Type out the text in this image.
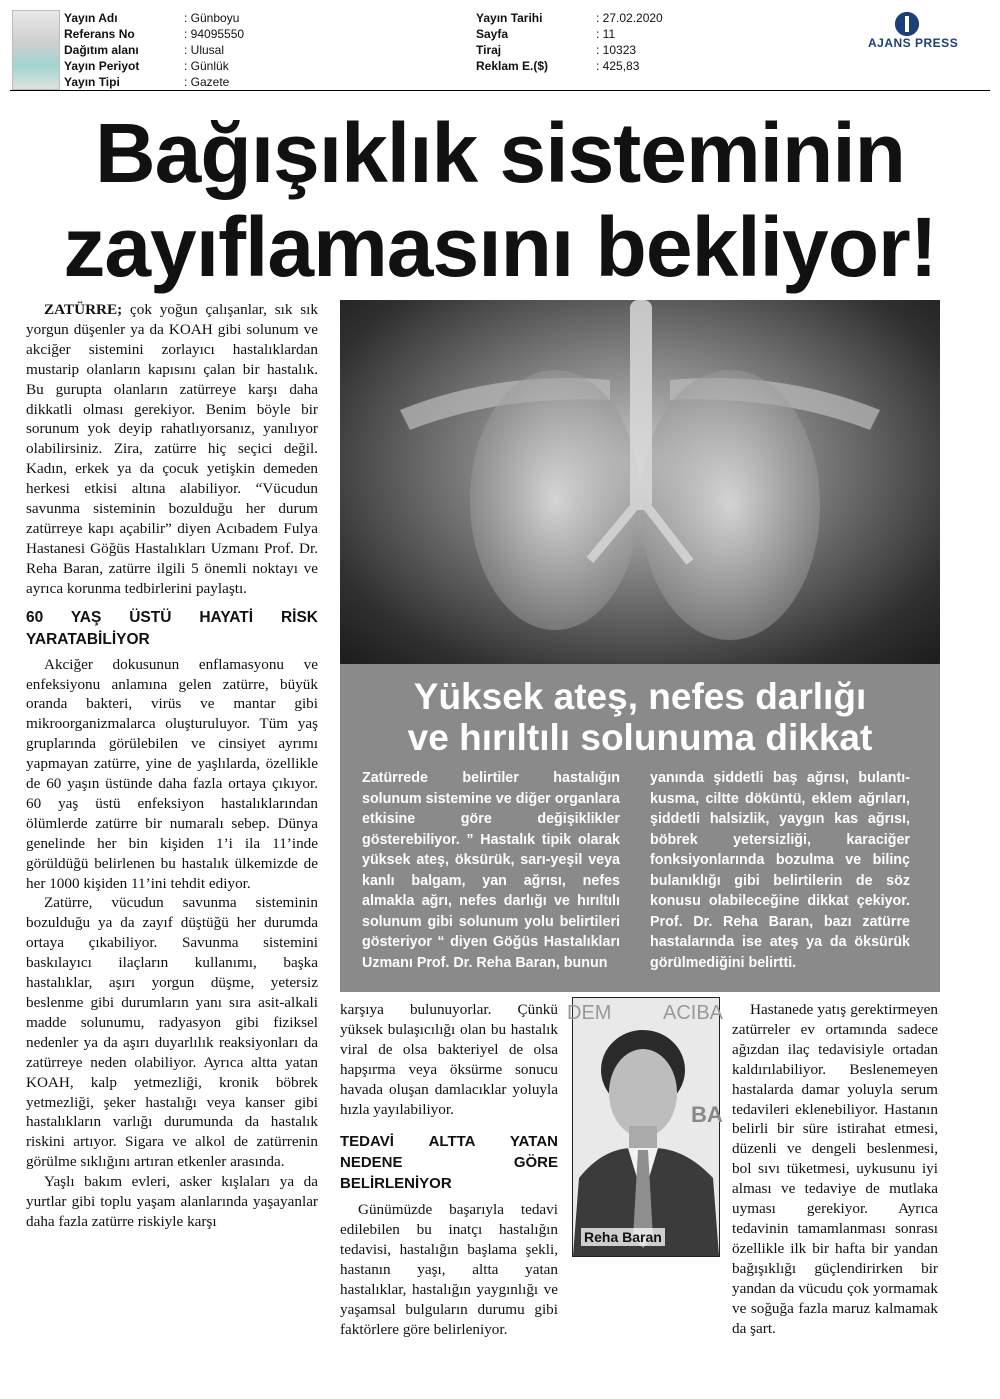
Yayın Adı	: Günboyu
Referans No	: 94095550
Dağıtım alanı	: Ulusal
Yayın Periyot	: Günlük
Yayın Tipi	: Gazete
Yayın Tarihi	: 27.02.2020
Sayfa	: 11
Tiraj	: 10323
Reklam E.($)	: 425,83
AJANS PRESS
Bağışıklık sisteminin
zayıflamasını bekliyor!

ZATÜRRE; çok yoğun çalışanlar, sık sık yorgun düşenler ya da KOAH gibi solunum ve akciğer sistemini zorlayıcı hastalıklardan mustarip olanların kapısını çalan bir hastalık. Bu gurupta olanların zatürreye karşı daha dikkatli olması gerekiyor. Benim böyle bir sorunum yok deyip rahatlıyorsanız, yanılıyor olabilirsiniz. Zira, zatürre hiç seçici değil. Kadın, erkek ya da çocuk yetişkin demeden herkesi etkisi altına alabiliyor. “Vücudun savunma sisteminin bozulduğu her durum zatürreye kapı açabilir” diyen Acıbadem Fulya Hastanesi Göğüs Hastalıkları Uzmanı Prof. Dr. Reha Baran, zatürre ilgili 5 önemli noktayı ve ayrıca korunma tedbirlerini paylaştı.

60 YAŞ ÜSTÜ HAYATİ RİSK YARATABİLİYOR

Akciğer dokusunun enflamasyonu ve enfeksiyonu anlamına gelen zatürre, büyük oranda bakteri, virüs ve mantar gibi mikroorganizmalarca oluşturuluyor. Tüm yaş gruplarında görülebilen ve cinsiyet ayrımı yapmayan zatürre, yine de yaşlılarda, özellikle de 60 yaşın üstünde daha fazla ortaya çıkıyor. 60 yaş üstü enfeksiyon hastalıklarından ölümlerde zatürre bir numaralı sebep. Dünya genelinde her bin kişiden 1’i ila 11’inde görüldüğü belirlenen bu hastalık ülkemizde de her 1000 kişiden 11’ini tehdit ediyor.

Zatürre, vücudun savunma sisteminin bozulduğu ya da zayıf düştüğü her durumda ortaya çıkabiliyor. Savunma sistemini baskılayıcı ilaçların kullanımı, başka hastalıklar, aşırı yorgun düşme, yetersiz beslenme gibi durumların yanı sıra asit-alkali madde solunumu, radyasyon gibi fiziksel nedenler ya da aşırı duyarlılık reaksiyonları da zatürreye neden olabiliyor. Ayrıca altta yatan KOAH, kalp yetmezliği, kronik böbrek yetmezliği, şeker hastalığı veya kanser gibi hastalıkların varlığı durumunda da hastalık riskini artıyor. Sigara ve alkol de zatürrenin görülme sıklığını artıran etkenler arasında.

Yaşlı bakım evleri, asker kışlaları ya da yurtlar gibi toplu yaşam alanlarında yaşayanlar daha fazla zatürre riskiyle karşı

Yüksek ateş, nefes darlığı
ve hırıltılı solunuma dikkat
Zatürrede belirtiler hastalığın solunum sistemine ve diğer organlara etkisine göre değişiklikler gösterebiliyor. ” Hastalık tipik olarak yüksek ateş, öksürük, sarı-yeşil veya kanlı balgam, yan ağrısı, nefes almakla ağrı, nefes darlığı ve hırıltılı solunum gibi solunum yolu belirtileri gösteriyor “ diyen Göğüs Hastalıkları Uzmanı Prof. Dr. Reha Baran, bunun
yanında şiddetli baş ağrısı, bulantı-kusma, ciltte döküntü, eklem ağrıları, şiddetli halsizlik, yaygın kas ağrısı, böbrek yetersizliği, karaciğer fonksiyonlarında bozulma ve bilinç bulanıklığı gibi belirtilerin de söz konusu olabileceğine dikkat çekiyor. Prof. Dr. Reha Baran, bazı zatürre hastalarında ise ateş ya da öksürük görülmediğini belirtti.

karşıya bulunuyorlar. Çünkü yüksek bulaşıcılığı olan bu hastalık viral de olsa bakteriyel de olsa hapşırma veya öksürme sonucu havada oluşan damlacıklar yoluyla hızla yayılabiliyor.

TEDAVİ ALTTA YATAN NEDENE GÖRE BELİRLENİYOR

Günümüzde başarıyla tedavi edilebilen bu inatçı hastalığın tedavisi, hastalığın başlama şekli, hastanın yaşı, altta yatan hastalıklar, hastalığın yaygınlığı ve yaşamsal bulguların durumu gibi faktörlere göre belirleniyor.

DEM	ACIBA
BA
Reha Baran

Hastanede yatış gerektirmeyen zatürreler ev ortamında sadece ağızdan ilaç tedavisiyle ortadan kaldırılabiliyor. Beslenemeyen hastalarda damar yoluyla serum tedavileri eklenebiliyor. Hastanın belirli bir süre istirahat etmesi, düzenli ve dengeli beslenmesi, bol sıvı tüketmesi, uykusunu iyi alması ve tedaviye de mutlaka uyması gerekiyor. Ayrıca tedavinin tamamlanması sonrası özellikle ilk bir hafta bir yandan bağışıklığı güçlendirirken bir yandan da vücudu çok yormamak ve soğuğa fazla maruz kalmamak da şart.
